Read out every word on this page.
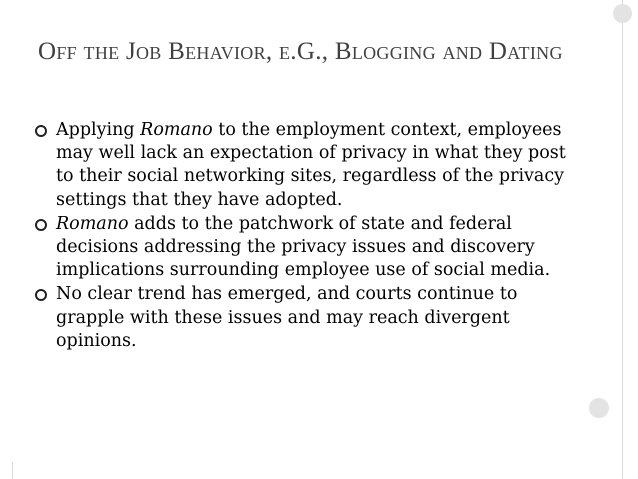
Off the Job Behavior, e.G., Blogging and Dating
Applying Romano to the employment context, employees may well lack an expectation of privacy in what they post to their social networking sites, regardless of the privacy settings that they have adopted.
Romano adds to the patchwork of state and federal decisions addressing the privacy issues and discovery implications surrounding employee use of social media.
No clear trend has emerged, and courts continue to grapple with these issues and may reach divergent opinions.
